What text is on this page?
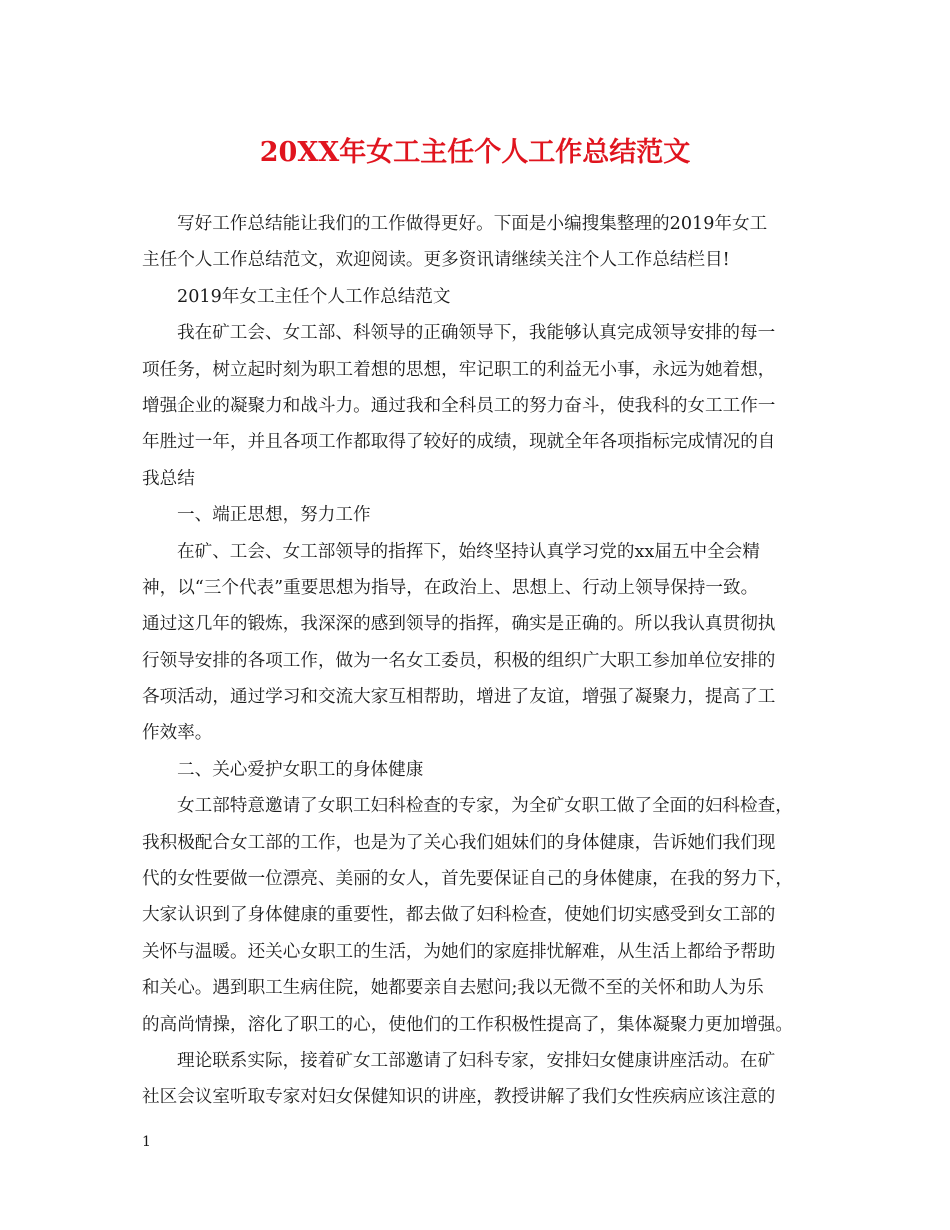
20XX年女工主任个人工作总结范文

写好工作总结能让我们的工作做得更好。下面是小编搜集整理的2019年女工

主任个人工作总结范文，欢迎阅读。更多资讯请继续关注个人工作总结栏目!

2019年女工主任个人工作总结范文

我在矿工会、女工部、科领导的正确领导下，我能够认真完成领导安排的每一

项任务，树立起时刻为职工着想的思想，牢记职工的利益无小事，永远为她着想，

增强企业的凝聚力和战斗力。通过我和全科员工的努力奋斗，使我科的女工工作一

年胜过一年，并且各项工作都取得了较好的成绩，现就全年各项指标完成情况的自

我总结

一、端正思想，努力工作

在矿、工会、女工部领导的指挥下，始终坚持认真学习党的xx届五中全会精

神，以“三个代表”重要思想为指导，在政治上、思想上、行动上领导保持一致。

通过这几年的锻炼，我深深的感到领导的指挥，确实是正确的。所以我认真贯彻执

行领导安排的各项工作，做为一名女工委员，积极的组织广大职工参加单位安排的

各项活动，通过学习和交流大家互相帮助，增进了友谊，增强了凝聚力，提高了工

作效率。

二、关心爱护女职工的身体健康

女工部特意邀请了女职工妇科检查的专家，为全矿女职工做了全面的妇科检查，

我积极配合女工部的工作，也是为了关心我们姐妹们的身体健康，告诉她们我们现

代的女性要做一位漂亮、美丽的女人，首先要保证自己的身体健康，在我的努力下，

大家认识到了身体健康的重要性，都去做了妇科检查，使她们切实感受到女工部的

关怀与温暖。还关心女职工的生活，为她们的家庭排忧解难，从生活上都给予帮助

和关心。遇到职工生病住院，她都要亲自去慰问;我以无微不至的关怀和助人为乐

的高尚情操，溶化了职工的心，使他们的工作积极性提高了，集体凝聚力更加增强。

理论联系实际，接着矿女工部邀请了妇科专家，安排妇女健康讲座活动。在矿

社区会议室听取专家对妇女保健知识的讲座，教授讲解了我们女性疾病应该注意的

1
